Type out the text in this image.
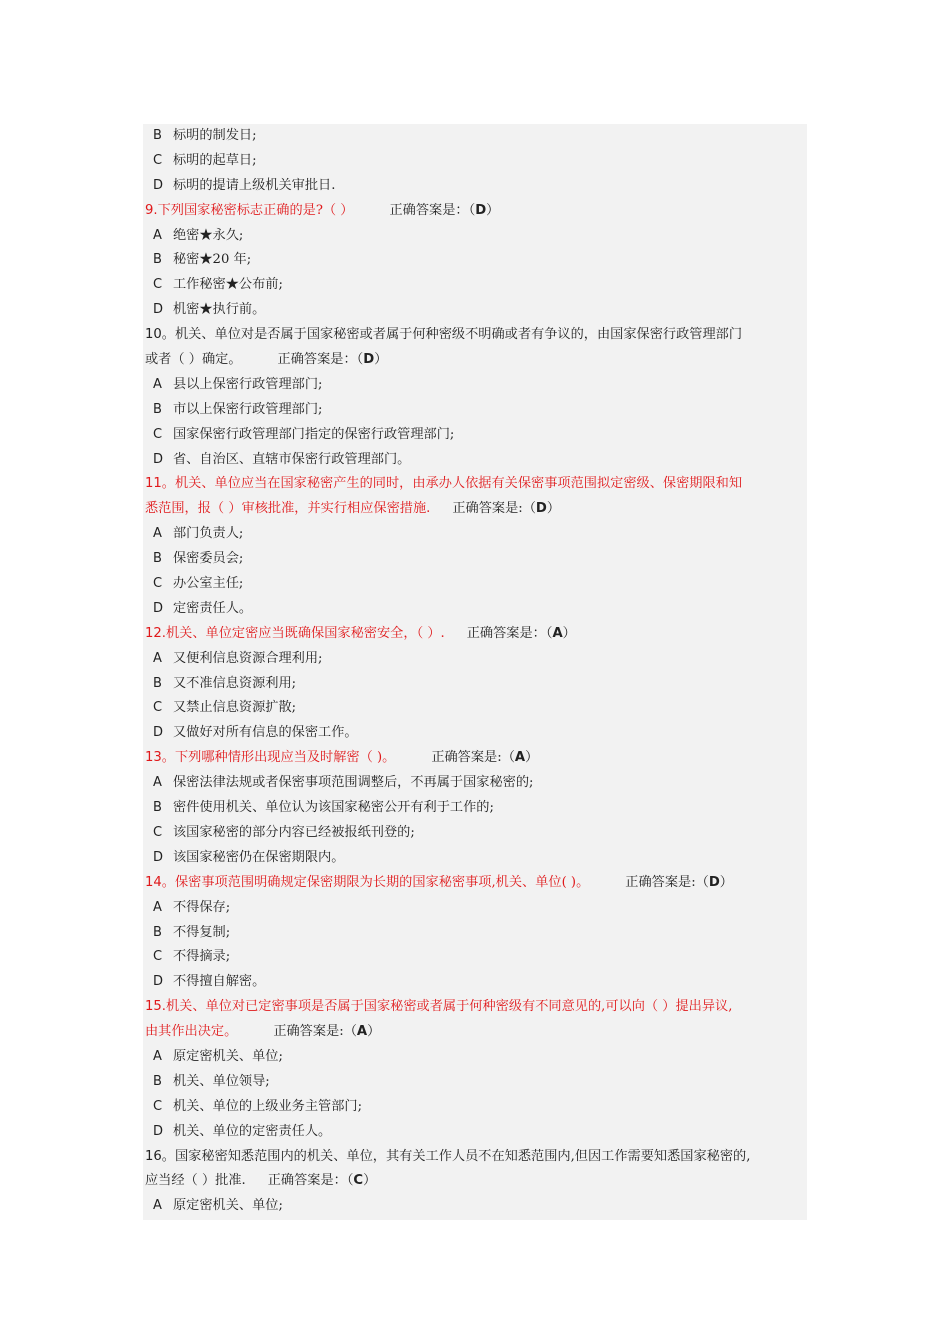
B 标明的制发日;
C 标明的起草日;
D 标明的提请上级机关审批日.
9.下列国家秘密标志正确的是?（ ）	正确答案是：（D）
A 绝密★永久;
B 秘密★20 年;
C 工作秘密★公布前;
D 机密★执行前。
10。机关、单位对是否属于国家秘密或者属于何种密级不明确或者有争议的，由国家保密行政管理部门
或者（ ）确定。	正确答案是：（D）
A 县以上保密行政管理部门;
B 市以上保密行政管理部门;
C 国家保密行政管理部门指定的保密行政管理部门;
D 省、自治区、直辖市保密行政管理部门。
11。机关、单位应当在国家秘密产生的同时，由承办人依据有关保密事项范围拟定密级、保密期限和知
悉范围，报（ ）审核批准，并实行相应保密措施. 正确答案是:（D）
A 部门负责人;
B 保密委员会;
C 办公室主任;
D 定密责任人。
12.机关、单位定密应当既确保国家秘密安全，（ ）. 正确答案是：（A）
A 又便利信息资源合理利用;
B 又不准信息资源利用;
C 又禁止信息资源扩散;
D 又做好对所有信息的保密工作。
13。下列哪种情形出现应当及时解密（ )。	正确答案是:（A）
A 保密法律法规或者保密事项范围调整后，不再属于国家秘密的;
B 密件使用机关、单位认为该国家秘密公开有利于工作的;
C 该国家秘密的部分内容已经被报纸刊登的;
D 该国家秘密仍在保密期限内。
14。保密事项范围明确规定保密期限为长期的国家秘密事项,机关、单位( )。	正确答案是:（D）
A 不得保存;
B 不得复制;
C 不得摘录;
D 不得擅自解密。
15.机关、单位对已定密事项是否属于国家秘密或者属于何种密级有不同意见的,可以向（ ）提出异议,
由其作出决定。	正确答案是:（A）
A 原定密机关、单位;
B 机关、单位领导;
C 机关、单位的上级业务主管部门;
D 机关、单位的定密责任人。
16。国家秘密知悉范围内的机关、单位，其有关工作人员不在知悉范围内,但因工作需要知悉国家秘密的,
应当经（ ）批准. 正确答案是：（C）
A 原定密机关、单位;
